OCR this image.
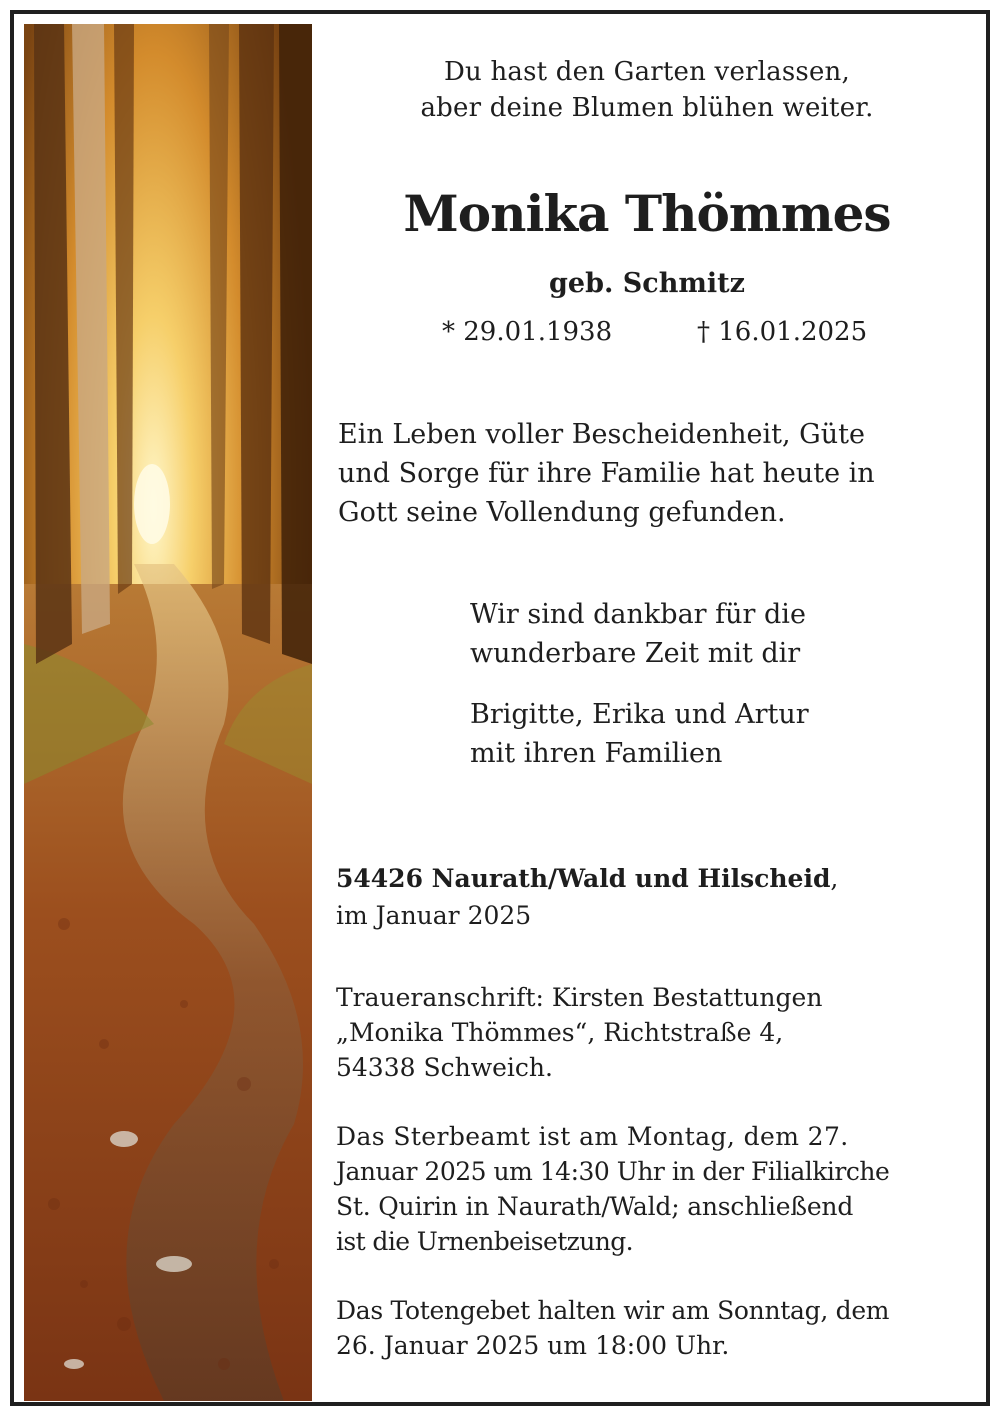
Du hast den Garten verlassen,
aber deine Blumen blühen weiter.
Monika Thömmes
geb. Schmitz
* 29.01.1938	† 16.01.2025
Ein Leben voller Bescheidenheit, Güte
und Sorge für ihre Familie hat heute in
Gott seine Vollendung gefunden.
Wir sind dankbar für die
wunderbare Zeit mit dir
Brigitte, Erika und Artur
mit ihren Familien
54426 Naurath/Wald und Hilscheid,
im Januar 2025
Traueranschrift: Kirsten Bestattungen
„Monika Thömmes“, Richtstraße 4,
54338 Schweich.
Das Sterbeamt ist am Montag, dem 27.
Januar 2025 um 14:30 Uhr in der Filialkirche
St. Quirin in Naurath/Wald; anschließend
ist die Urnenbeisetzung.
Das Totengebet halten wir am Sonntag, dem
26. Januar 2025 um 18:00 Uhr.
